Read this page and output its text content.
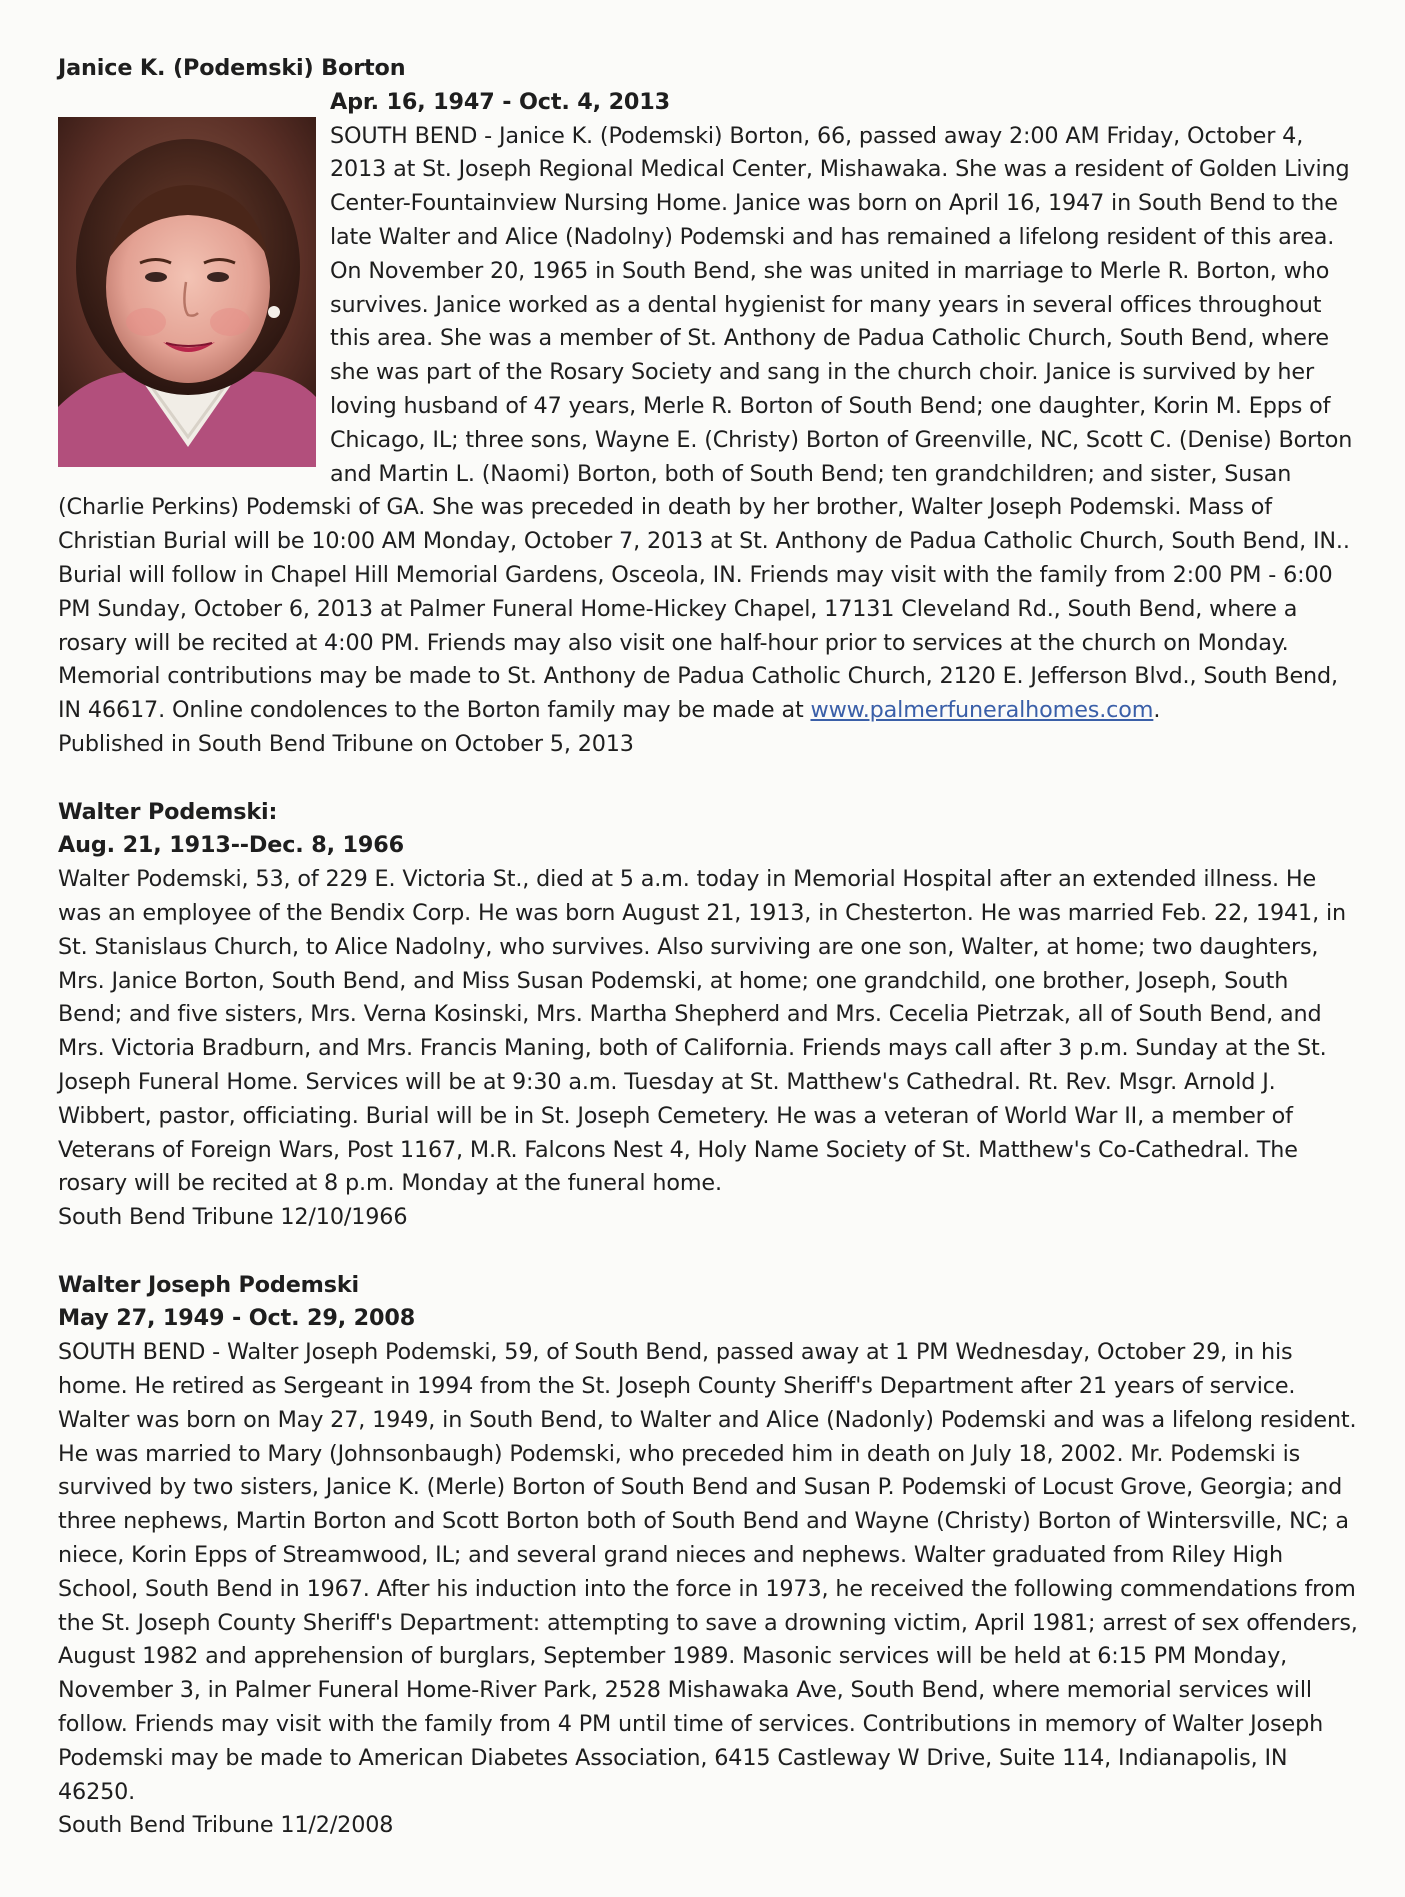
Janice K. (Podemski) Borton
Apr. 16, 1947 - Oct. 4, 2013

SOUTH BEND - Janice K. (Podemski) Borton, 66, passed away 2:00 AM Friday, October 4, 2013 at St. Joseph Regional Medical Center, Mishawaka. She was a resident of Golden Living Center-Fountainview Nursing Home. Janice was born on April 16, 1947 in South Bend to the late Walter and Alice (Nadolny) Podemski and has remained a lifelong resident of this area. On November 20, 1965 in South Bend, she was united in marriage to Merle R. Borton, who survives. Janice worked as a dental hygienist for many years in several offices throughout this area. She was a member of St. Anthony de Padua Catholic Church, South Bend, where she was part of the Rosary Society and sang in the church choir. Janice is survived by her loving husband of 47 years, Merle R. Borton of South Bend; one daughter, Korin M. Epps of Chicago, IL; three sons, Wayne E. (Christy) Borton of Greenville, NC, Scott C. (Denise) Borton and Martin L. (Naomi) Borton, both of South Bend; ten grandchildren; and sister, Susan (Charlie Perkins) Podemski of GA. She was preceded in death by her brother, Walter Joseph Podemski. Mass of Christian Burial will be 10:00 AM Monday, October 7, 2013 at St. Anthony de Padua Catholic Church, South Bend, IN.. Burial will follow in Chapel Hill Memorial Gardens, Osceola, IN. Friends may visit with the family from 2:00 PM - 6:00 PM Sunday, October 6, 2013 at Palmer Funeral Home-Hickey Chapel, 17131 Cleveland Rd., South Bend, where a rosary will be recited at 4:00 PM. Friends may also visit one half-hour prior to services at the church on Monday. Memorial contributions may be made to St. Anthony de Padua Catholic Church, 2120 E. Jefferson Blvd., South Bend, IN 46617. Online condolences to the Borton family may be made at www.palmerfuneralhomes.com.

Published in South Bend Tribune on October 5, 2013
Walter Podemski:
Aug. 21, 1913--Dec. 8, 1966

Walter Podemski, 53, of 229 E. Victoria St., died at 5 a.m. today in Memorial Hospital after an extended illness. He was an employee of the Bendix Corp. He was born August 21, 1913, in Chesterton. He was married Feb. 22, 1941, in St. Stanislaus Church, to Alice Nadolny, who survives. Also surviving are one son, Walter, at home; two daughters, Mrs. Janice Borton, South Bend, and Miss Susan Podemski, at home; one grandchild, one brother, Joseph, South Bend; and five sisters, Mrs. Verna Kosinski, Mrs. Martha Shepherd and Mrs. Cecelia Pietrzak, all of South Bend, and Mrs. Victoria Bradburn, and Mrs. Francis Maning, both of California. Friends mays call after 3 p.m. Sunday at the St. Joseph Funeral Home. Services will be at 9:30 a.m. Tuesday at St. Matthew's Cathedral. Rt. Rev. Msgr. Arnold J. Wibbert, pastor, officiating. Burial will be in St. Joseph Cemetery. He was a veteran of World War II, a member of Veterans of Foreign Wars, Post 1167, M.R. Falcons Nest 4, Holy Name Society of St. Matthew's Co-Cathedral. The rosary will be recited at 8 p.m. Monday at the funeral home.

South Bend Tribune 12/10/1966
Walter Joseph Podemski
May 27, 1949 - Oct. 29, 2008

SOUTH BEND - Walter Joseph Podemski, 59, of South Bend, passed away at 1 PM Wednesday, October 29, in his home. He retired as Sergeant in 1994 from the St. Joseph County Sheriff's Department after 21 years of service. Walter was born on May 27, 1949, in South Bend, to Walter and Alice (Nadonly) Podemski and was a lifelong resident. He was married to Mary (Johnsonbaugh) Podemski, who preceded him in death on July 18, 2002. Mr. Podemski is survived by two sisters, Janice K. (Merle) Borton of South Bend and Susan P. Podemski of Locust Grove, Georgia; and three nephews, Martin Borton and Scott Borton both of South Bend and Wayne (Christy) Borton of Wintersville, NC; a niece, Korin Epps of Streamwood, IL; and several grand nieces and nephews. Walter graduated from Riley High School, South Bend in 1967. After his induction into the force in 1973, he received the following commendations from the St. Joseph County Sheriff's Department: attempting to save a drowning victim, April 1981; arrest of sex offenders, August 1982 and apprehension of burglars, September 1989. Masonic services will be held at 6:15 PM Monday, November 3, in Palmer Funeral Home-River Park, 2528 Mishawaka Ave, South Bend, where memorial services will follow. Friends may visit with the family from 4 PM until time of services. Contributions in memory of Walter Joseph Podemski may be made to American Diabetes Association, 6415 Castleway W Drive, Suite 114, Indianapolis, IN 46250.

South Bend Tribune 11/2/2008
